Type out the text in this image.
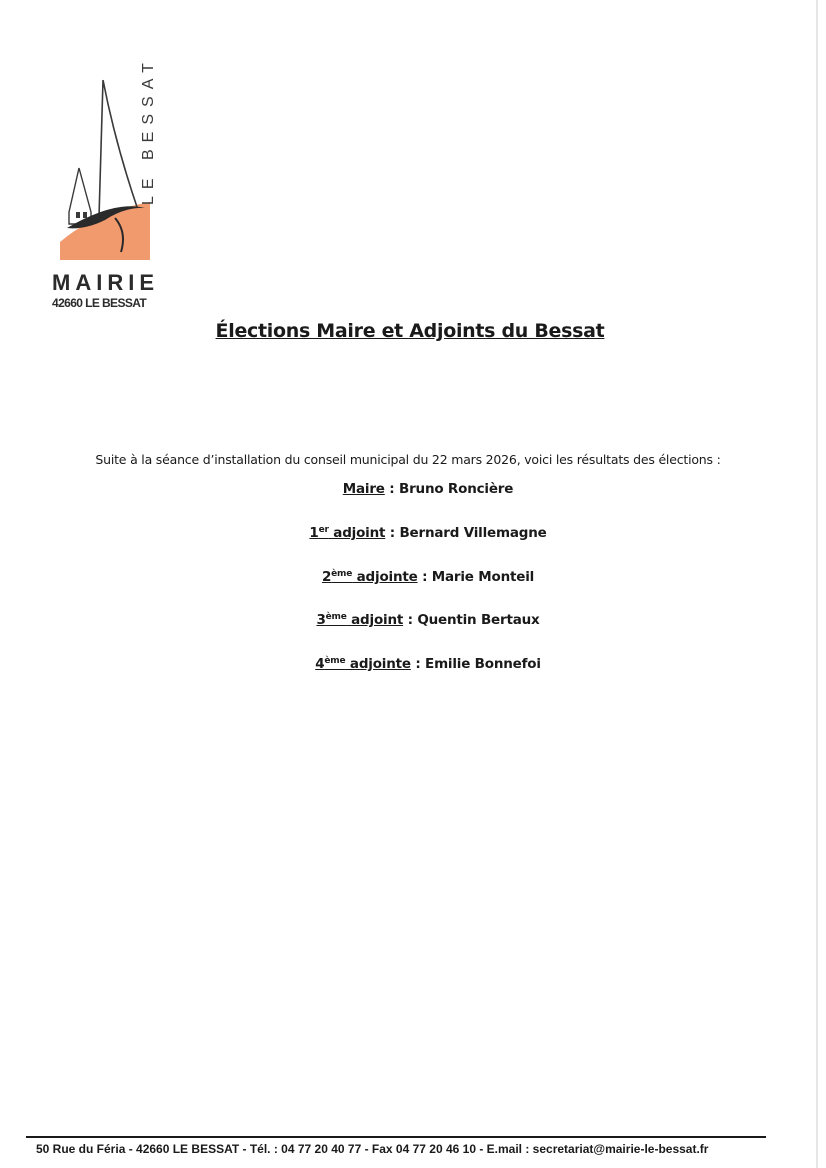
LE BESSAT
MAIRIE
42660 LE BESSAT
Élections Maire et Adjoints du Bessat
Suite à la séance d’installation du conseil municipal du 22 mars 2026, voici les résultats des élections :
Maire : Bruno Roncière
1er adjoint : Bernard Villemagne
2ème adjointe : Marie Monteil
3ème adjoint : Quentin Bertaux
4ème adjointe : Emilie Bonnefoi
50 Rue du Féria - 42660 LE BESSAT - Tél. : 04 77 20 40 77 - Fax 04 77 20 46 10 - E.mail : secretariat@mairie-le-bessat.fr
